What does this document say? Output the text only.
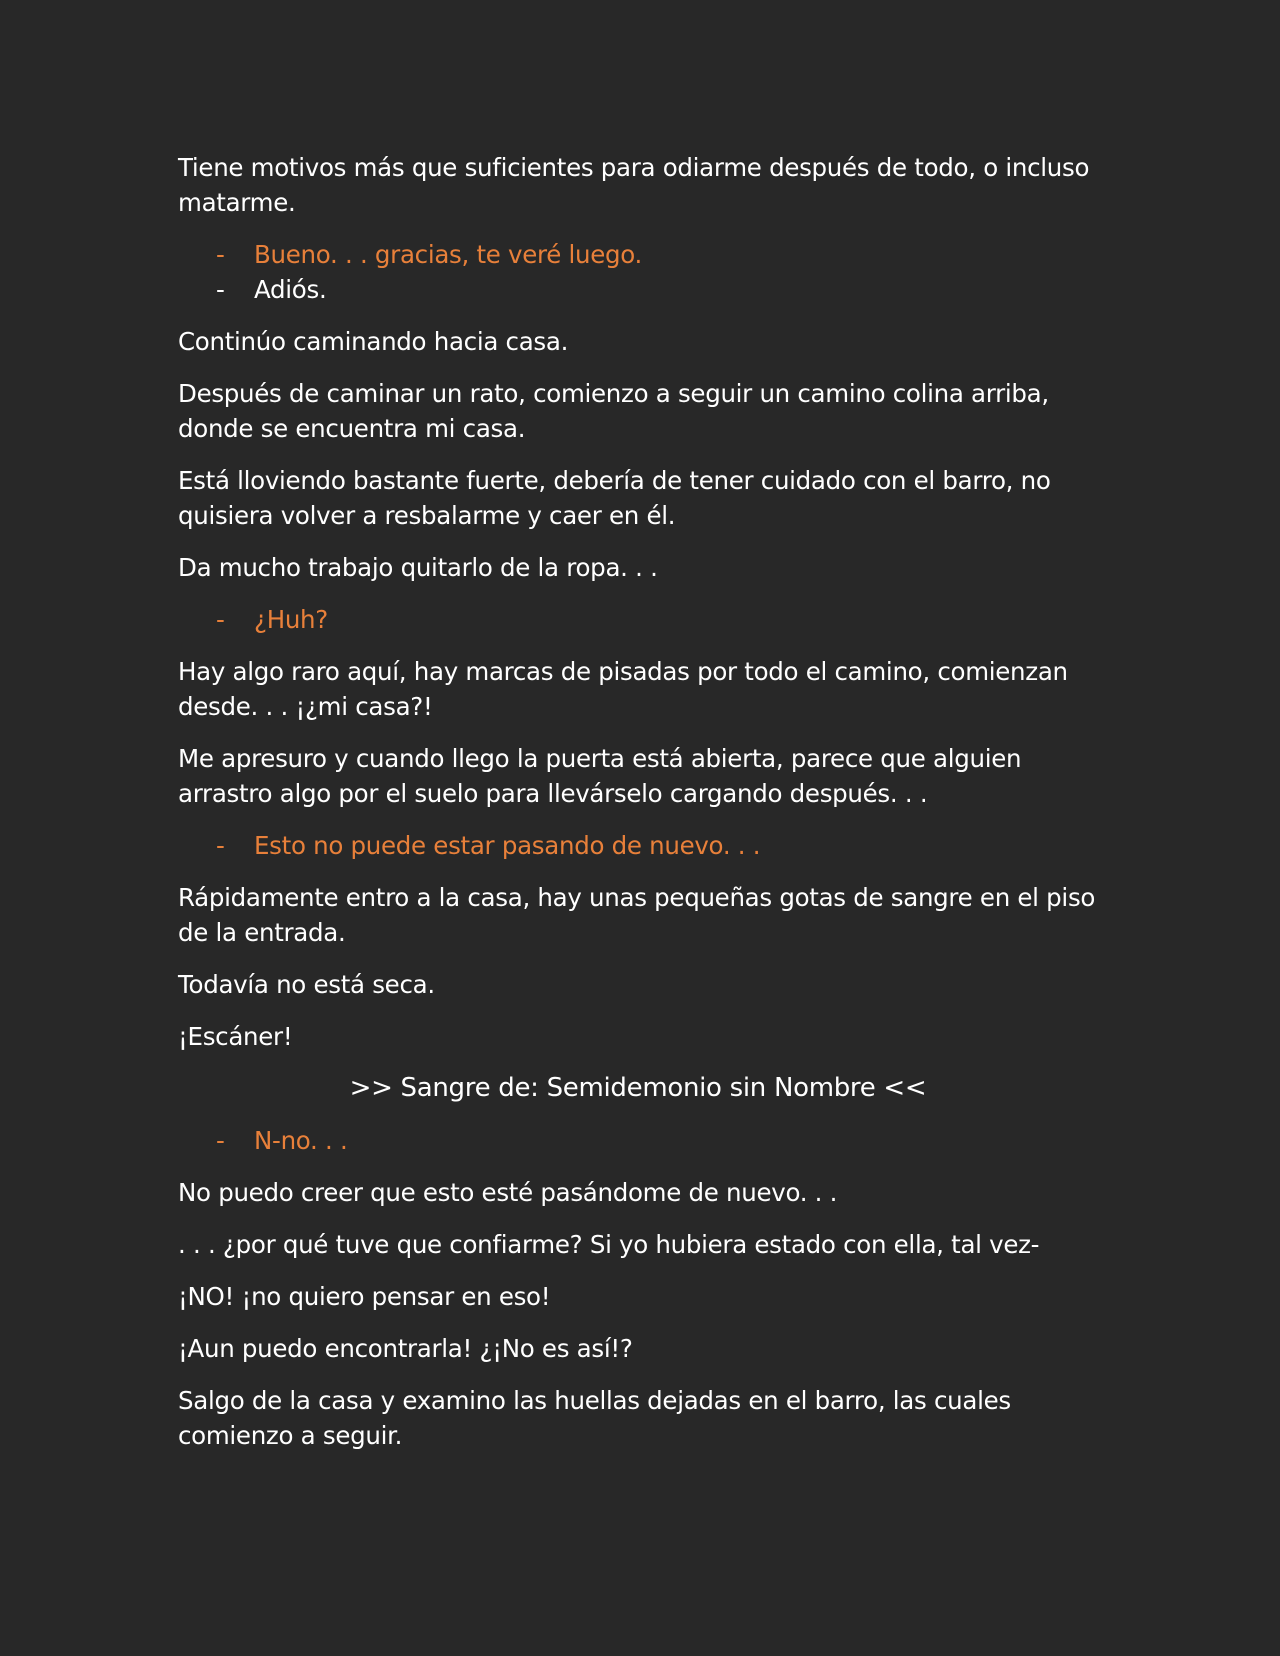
Tiene motivos más que suficientes para odiarme después de todo, o incluso matarme.

-	Bueno. . . gracias, te veré luego.
-	Adiós.

Continúo caminando hacia casa.

Después de caminar un rato, comienzo a seguir un camino colina arriba, donde se encuentra mi casa.

Está lloviendo bastante fuerte, debería de tener cuidado con el barro, no quisiera volver a resbalarme y caer en él.

Da mucho trabajo quitarlo de la ropa. . .

-	¿Huh?

Hay algo raro aquí, hay marcas de pisadas por todo el camino, comienzan desde. . . ¡¿mi casa?!

Me apresuro y cuando llego la puerta está abierta, parece que alguien arrastro algo por el suelo para llevárselo cargando después. . .

-	Esto no puede estar pasando de nuevo. . .

Rápidamente entro a la casa, hay unas pequeñas gotas de sangre en el piso de la entrada.

Todavía no está seca.

¡Escáner!

>> Sangre de: Semidemonio sin Nombre <<

-	N-no. . .

No puedo creer que esto esté pasándome de nuevo. . .

. . . ¿por qué tuve que confiarme? Si yo hubiera estado con ella, tal vez-

¡NO! ¡no quiero pensar en eso!

¡Aun puedo encontrarla! ¿¡No es así!?

Salgo de la casa y examino las huellas dejadas en el barro, las cuales comienzo a seguir.
